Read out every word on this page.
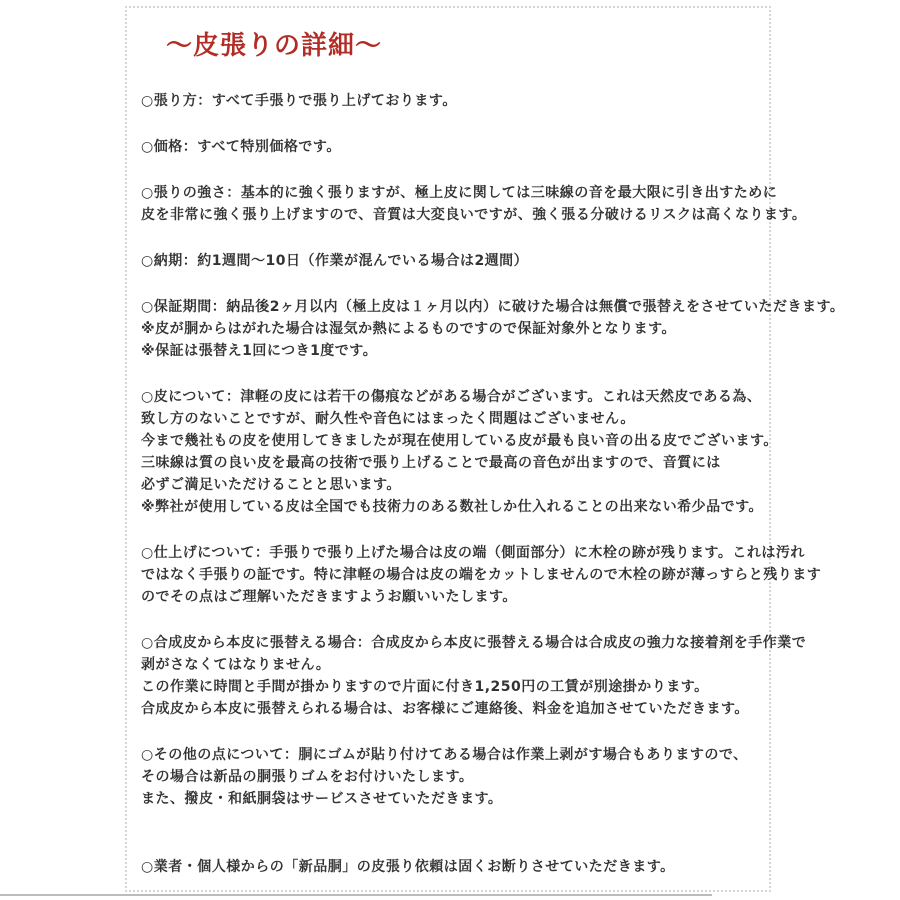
〜皮張りの詳細〜
○張り方：すべて手張りで張り上げております。
○価格：すべて特別価格です。
○張りの強さ：基本的に強く張りますが、極上皮に関しては三味線の音を最大限に引き出すために
皮を非常に強く張り上げますので、音質は大変良いですが、強く張る分破けるリスクは高くなります。
○納期：約1週間〜10日（作業が混んでいる場合は2週間）
○保証期間：納品後2ヶ月以内（極上皮は１ヶ月以内）に破けた場合は無償で張替えをさせていただきます。
※皮が胴からはがれた場合は湿気か熱によるものですので保証対象外となります。
※保証は張替え1回につき1度です。
○皮について：津軽の皮には若干の傷痕などがある場合がございます。これは天然皮である為、
致し方のないことですが、耐久性や音色にはまったく問題はございません。
今まで幾社もの皮を使用してきましたが現在使用している皮が最も良い音の出る皮でございます。
三味線は質の良い皮を最高の技術で張り上げることで最高の音色が出ますので、音質には
必ずご満足いただけることと思います。
※弊社が使用している皮は全国でも技術力のある数社しか仕入れることの出来ない希少品です。
○仕上げについて：手張りで張り上げた場合は皮の端（側面部分）に木栓の跡が残ります。これは汚れ
ではなく手張りの証です。特に津軽の場合は皮の端をカットしませんので木栓の跡が薄っすらと残ります
のでその点はご理解いただきますようお願いいたします。
○合成皮から本皮に張替える場合：合成皮から本皮に張替える場合は合成皮の強力な接着剤を手作業で
剥がさなくてはなりません。
この作業に時間と手間が掛かりますので片面に付き1,250円の工賃が別途掛かります。
合成皮から本皮に張替えられる場合は、お客様にご連絡後、料金を追加させていただきます。
○その他の点について：胴にゴムが貼り付けてある場合は作業上剥がす場合もありますので、
その場合は新品の胴張りゴムをお付けいたします。
また、撥皮・和紙胴袋はサービスさせていただきます。
○業者・個人様からの「新品胴」の皮張り依頼は固くお断りさせていただきます。
